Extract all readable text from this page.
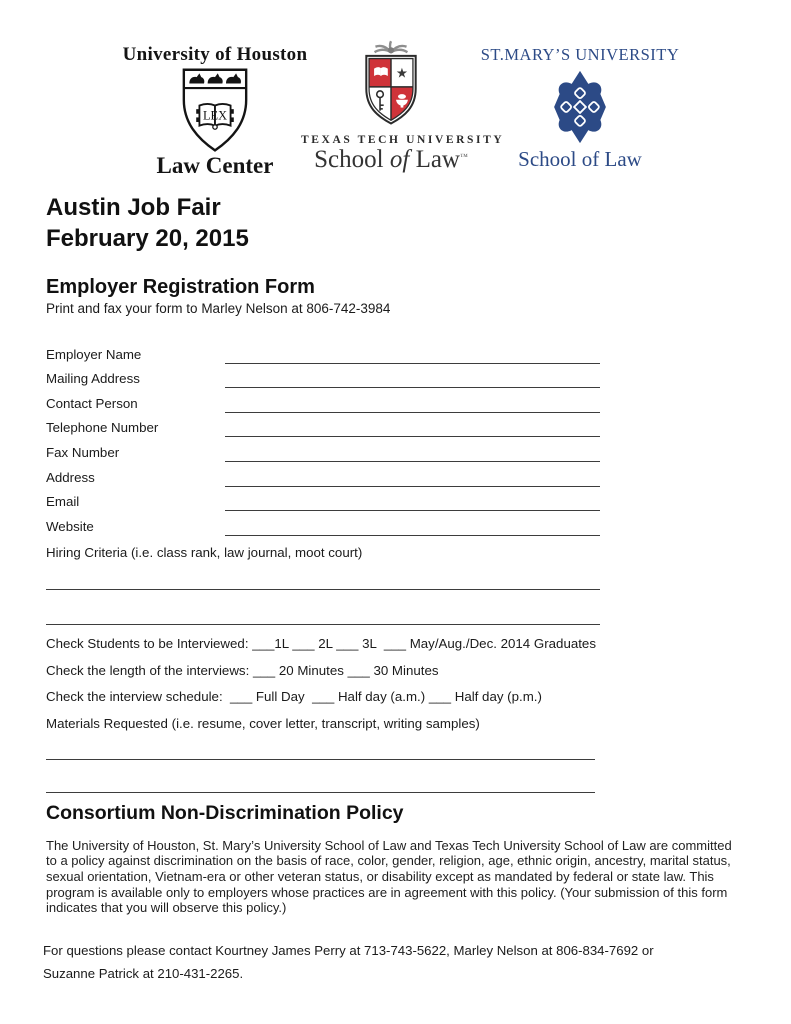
University of Houston
LEX
Law Center
★
TEXAS TECH UNIVERSITY
School of Law™
ST.MARY’S UNIVERSITY
School of Law
Austin Job Fair
February 20, 2015
Employer Registration Form
Print and fax your form to Marley Nelson at 806-742-3984
Employer Name
Mailing Address
Contact Person
Telephone Number
Fax Number
Address
Email
Website
Hiring Criteria (i.e. class rank, law journal, moot court)
Check Students to be Interviewed: ___1L ___ 2L ___ 3L  ___ May/Aug./Dec. 2014 Graduates
Check the length of the interviews: ___ 20 Minutes ___ 30 Minutes
Check the interview schedule:  ___ Full Day  ___ Half day (a.m.) ___ Half day (p.m.)
Materials Requested (i.e. resume, cover letter, transcript, writing samples)
Consortium Non-Discrimination Policy
The University of Houston, St. Mary’s University School of Law and Texas Tech University School of Law are committed to a policy against discrimination on the basis of race, color, gender, religion, age, ethnic origin, ancestry, marital status, sexual orientation, Vietnam-era or other veteran status, or disability except as mandated by federal or state law. This program is available only to employers whose practices are in agreement with this policy. (Your submission of this form indicates that you will observe this policy.)
For questions please contact Kourtney James Perry at 713-743-5622, Marley Nelson at 806-834-7692 or
Suzanne Patrick at 210-431-2265.
